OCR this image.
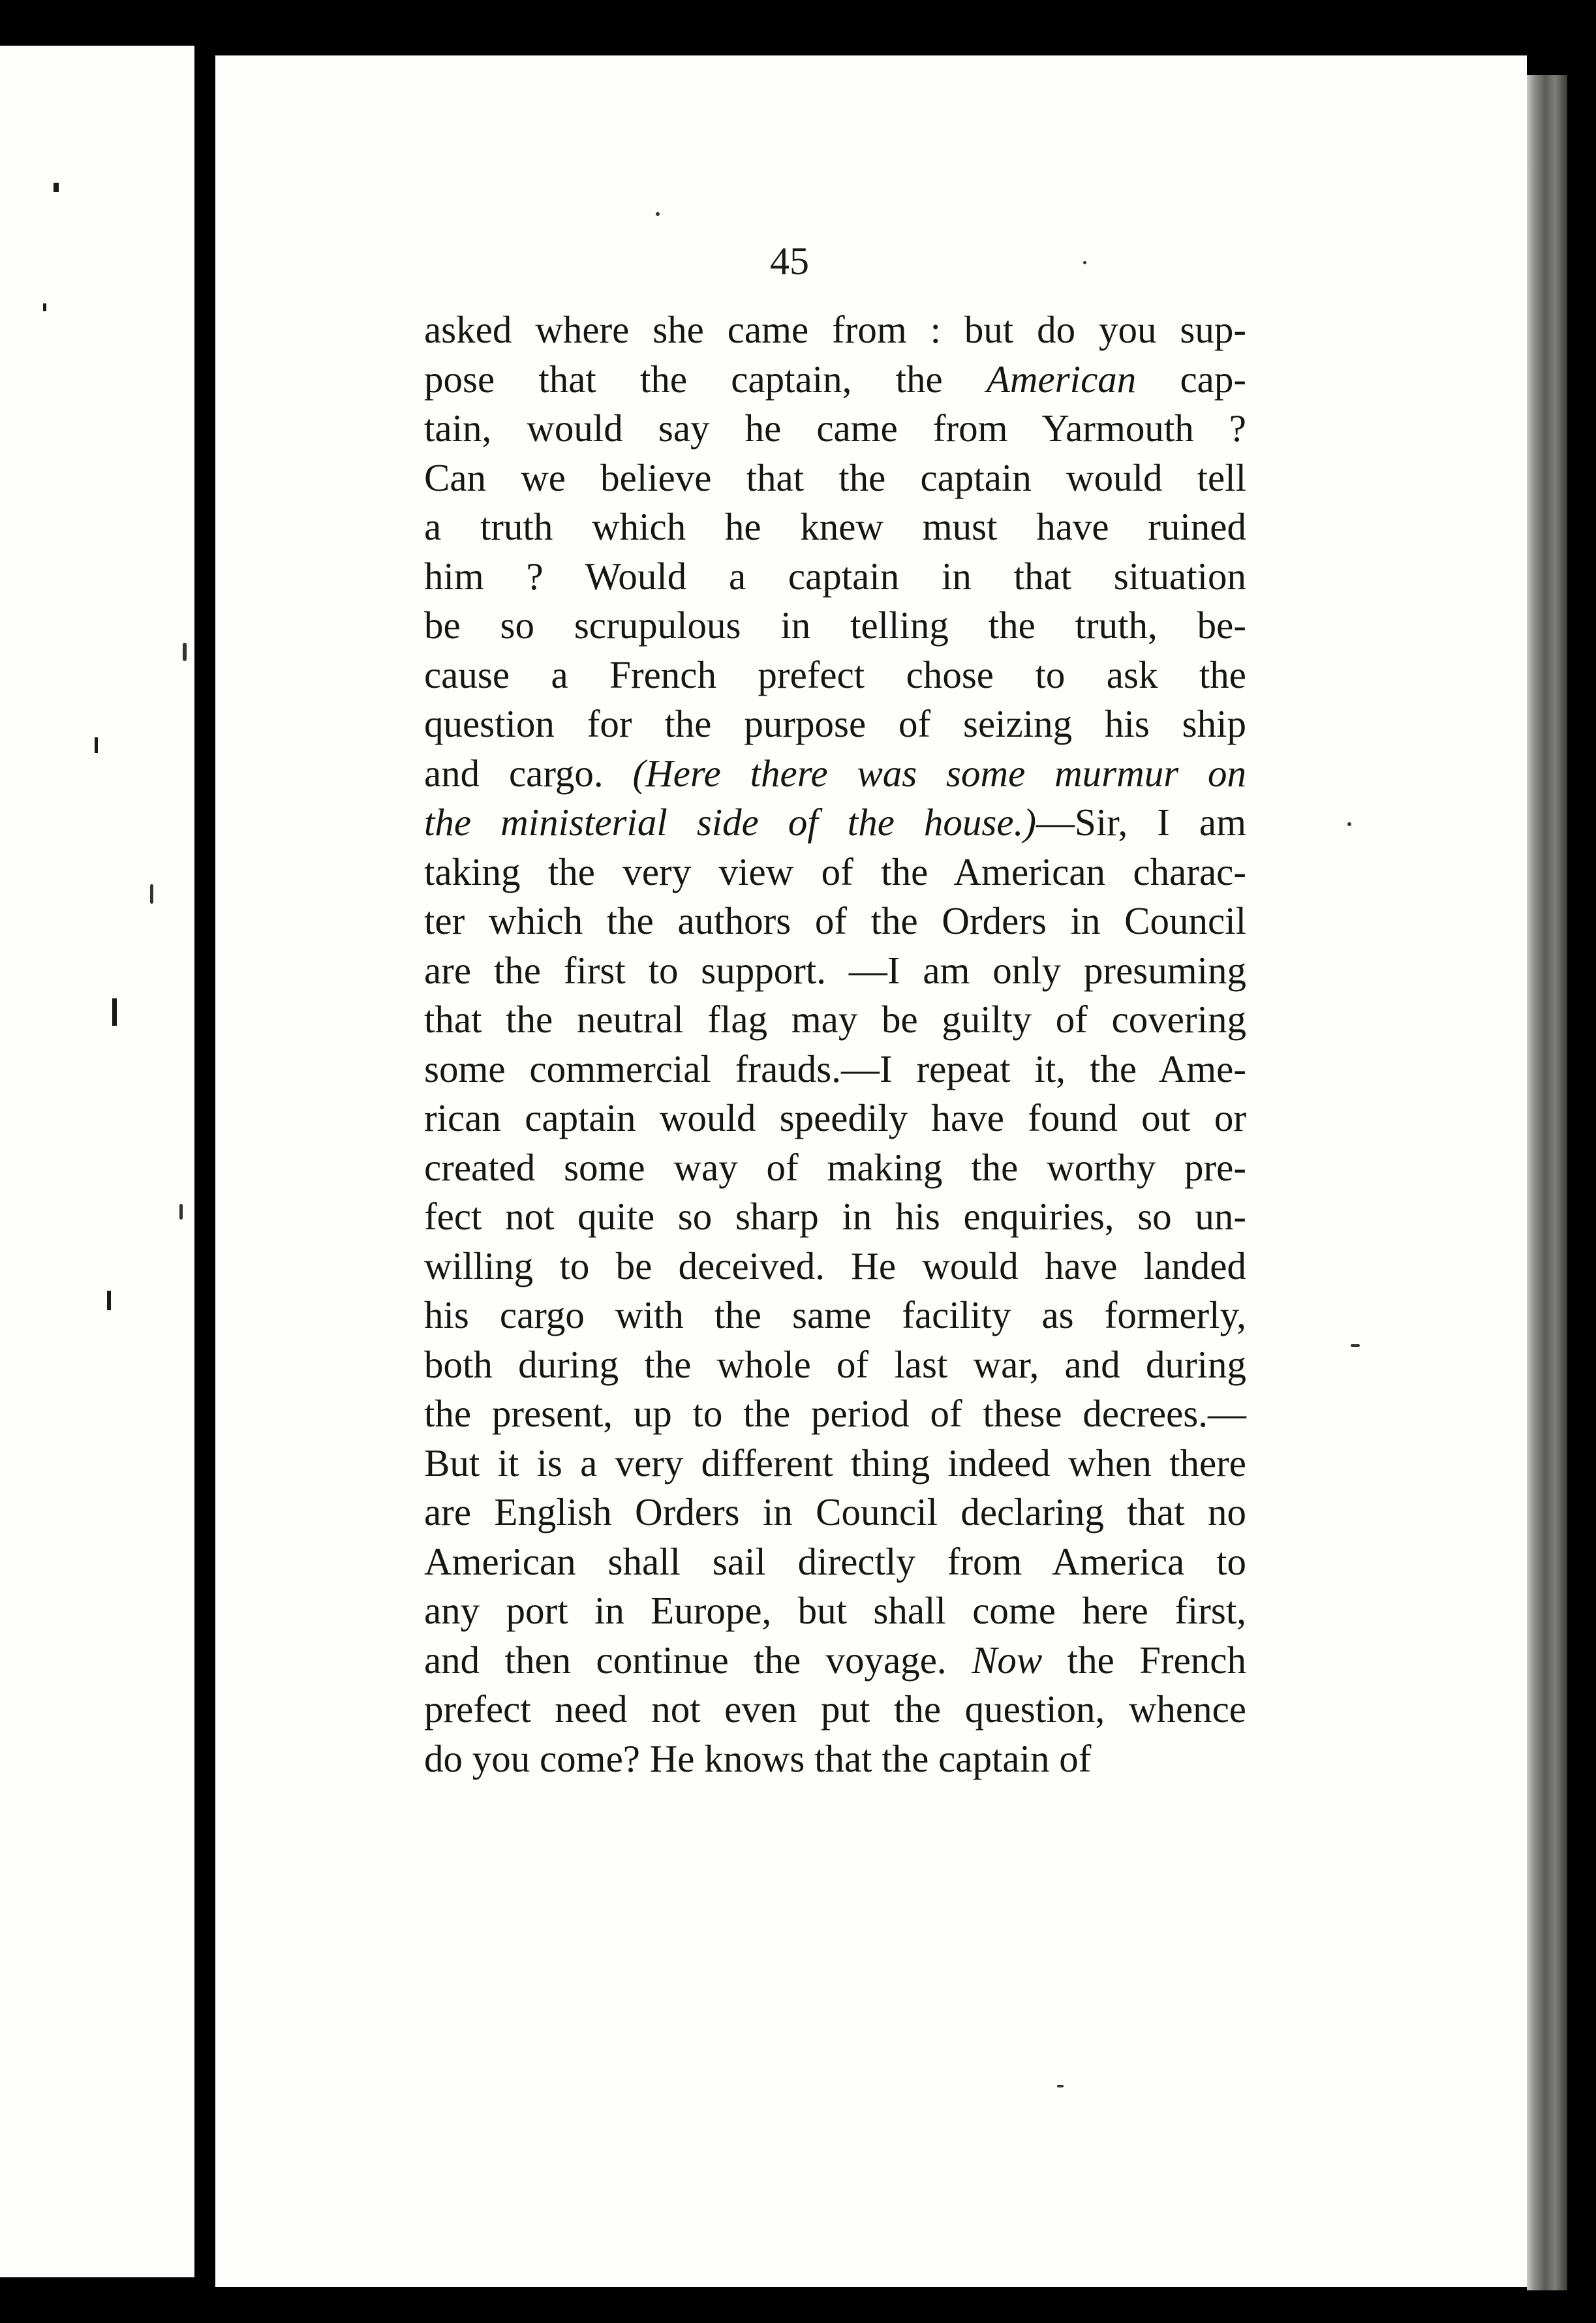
45

asked where she came from : but do you sup-
pose that the captain, the American cap-
tain, would say he came from Yarmouth ?
Can we believe that the captain would tell
a truth which he knew must have ruined
him ? Would a captain in that situation
be so scrupulous in telling the truth, be-
cause a French prefect chose to ask the
question for the purpose of seizing his ship
and cargo. (Here there was some murmur on
the ministerial side of the house.)—Sir, I am
taking the very view of the American charac-
ter which the authors of the Orders in Council
are the first to support. —I am only presuming
that the neutral flag may be guilty of covering
some commercial frauds.—I repeat it, the Ame-
rican captain would speedily have found out or
created some way of making the worthy pre-
fect not quite so sharp in his enquiries, so un-
willing to be deceived. He would have landed
his cargo with the same facility as formerly,
both during the whole of last war, and during
the present, up to the period of these decrees.—
But it is a very different thing indeed when there
are English Orders in Council declaring that no
American shall sail directly from America to
any port in Europe, but shall come here first,
and then continue the voyage. Now the French
prefect need not even put the question, whence
do you come? He knows that the captain of
